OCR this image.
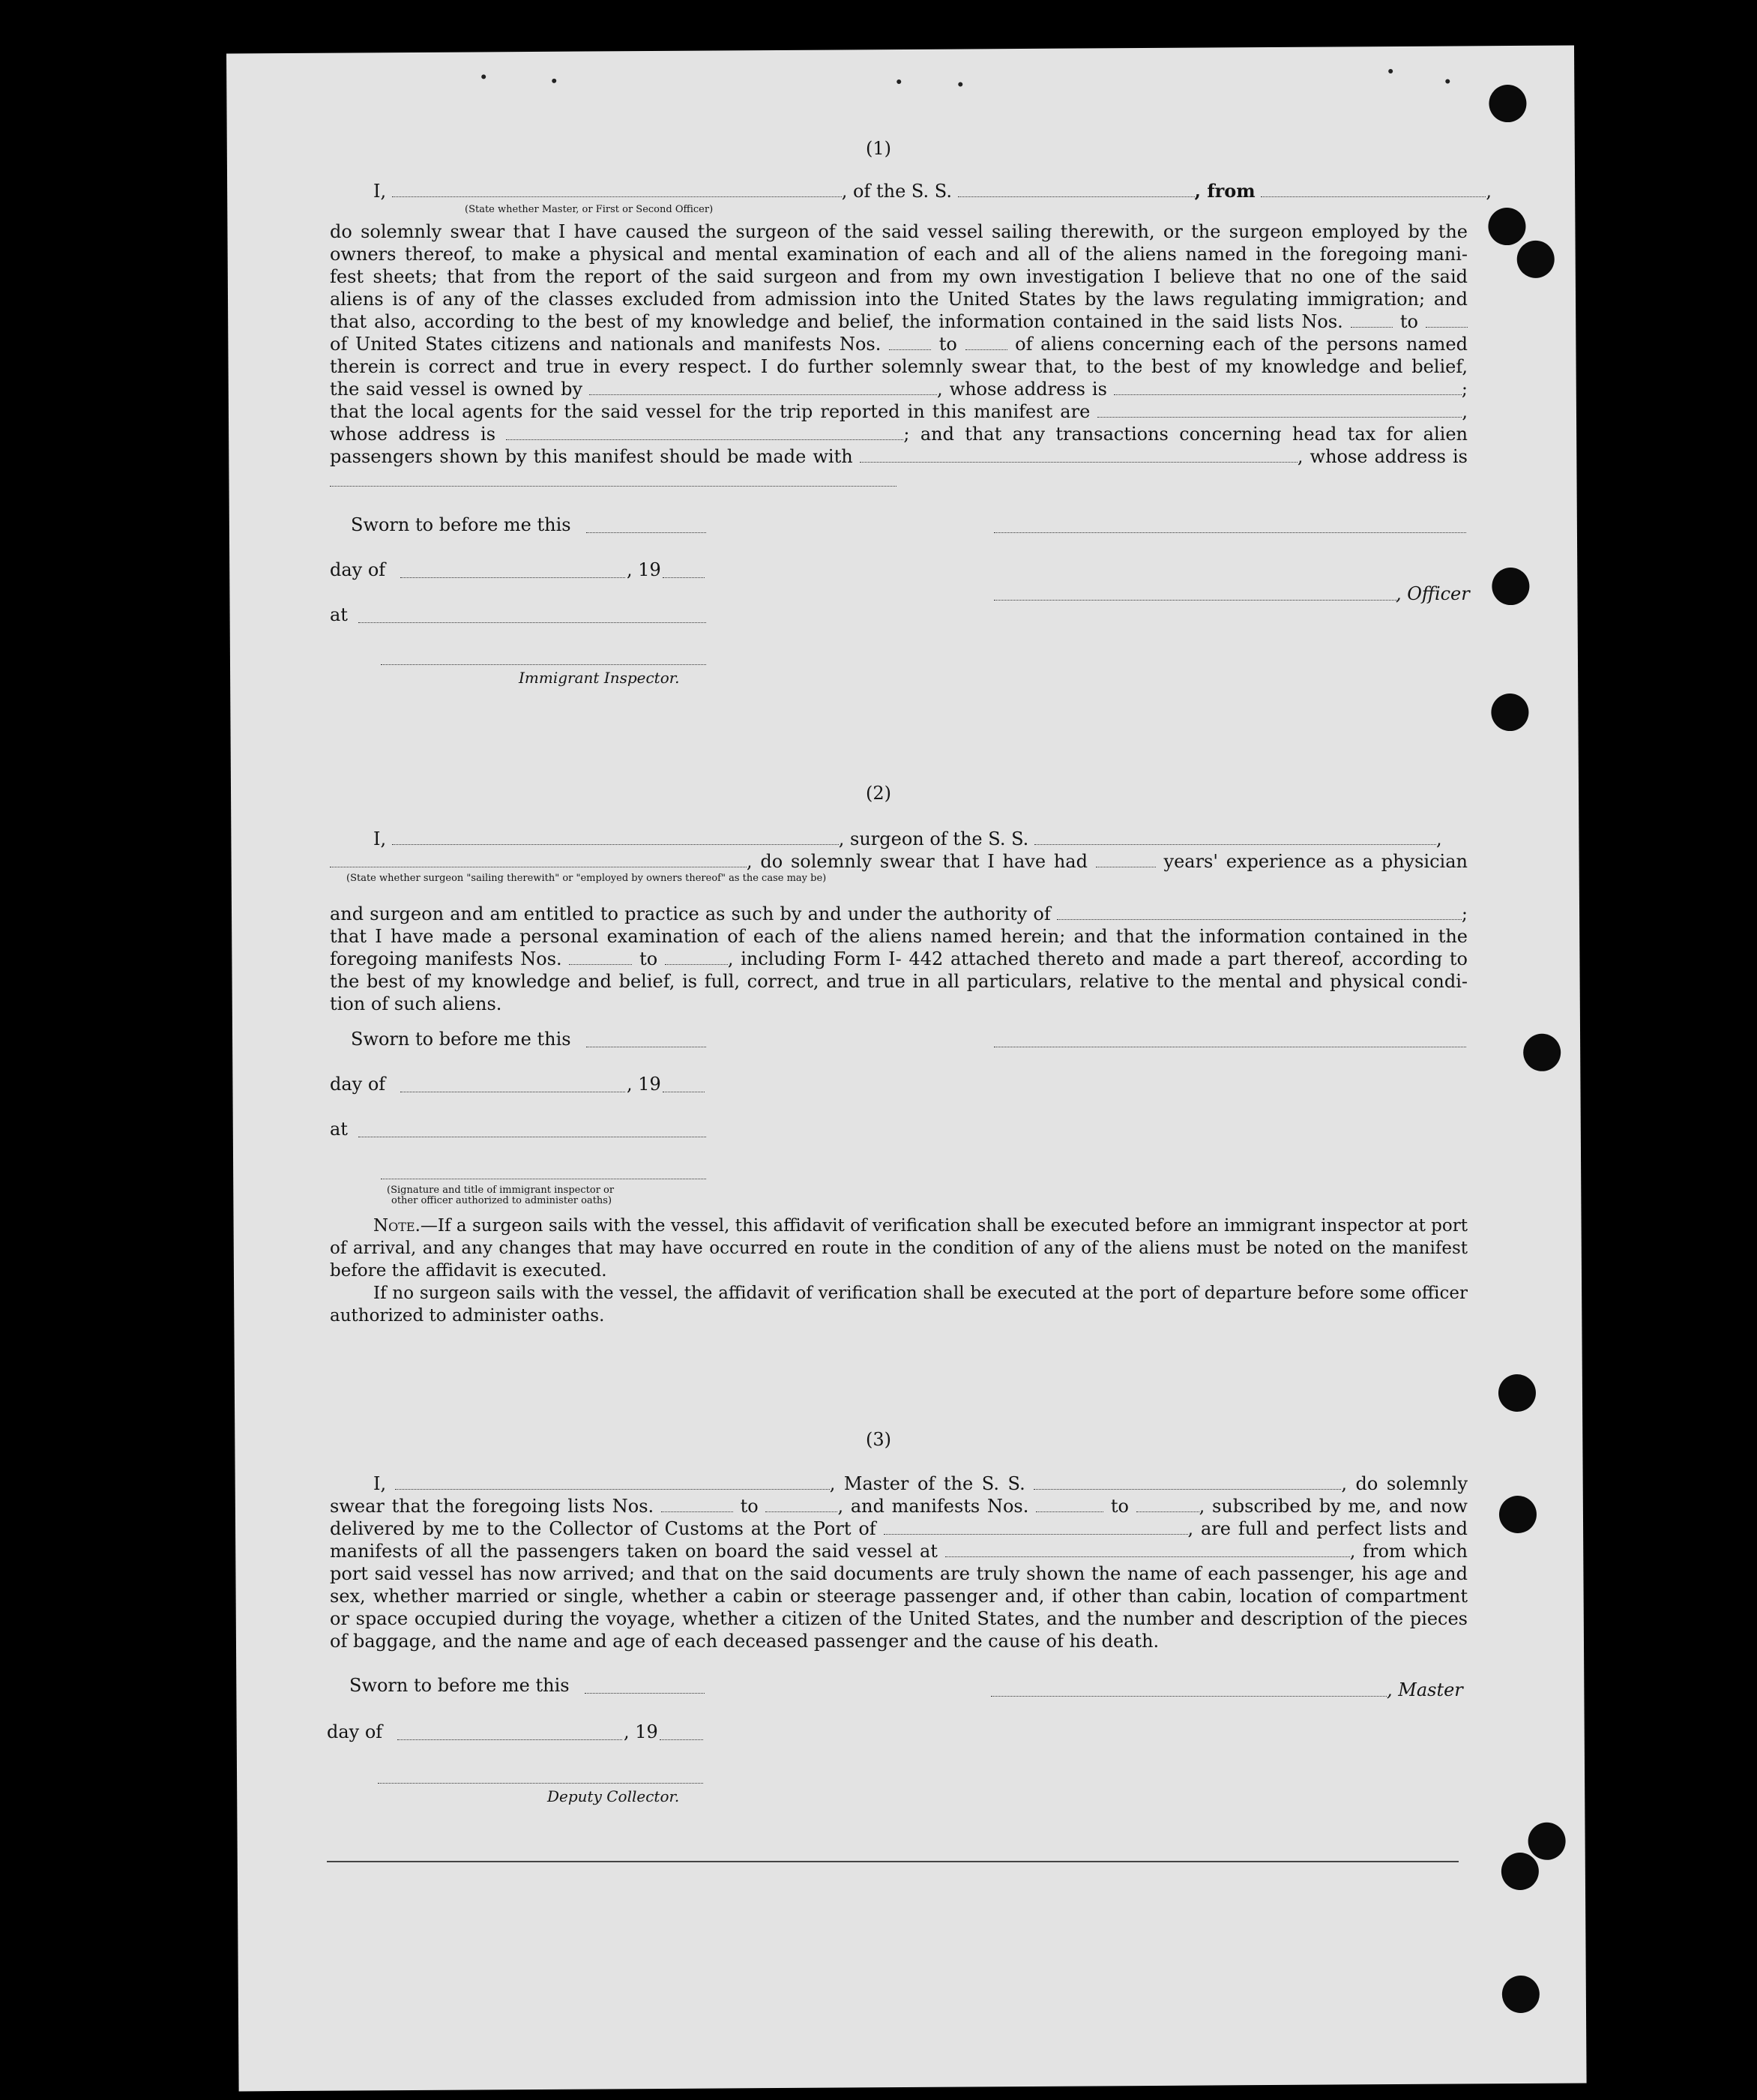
(1)
I,	, of the S. S.	, from	,
(State whether Master, or First or Second Officer)
do solemnly swear that I have caused the surgeon of the said vessel sailing therewith, or the surgeon employed by the
owners thereof, to make a physical and mental examination of each and all of the aliens named in the foregoing mani-
fest sheets; that from the report of the said surgeon and from my own investigation I believe that no one of the said
aliens is of any of the classes excluded from admission into the United States by the laws regulating immigration; and
that also, according to the best of my knowledge and belief, the information contained in the said lists Nos.	to
of United States citizens and nationals and manifests Nos.	to	of aliens concerning each of the persons named
therein is correct and true in every respect. I do further solemnly swear that, to the best of my knowledge and belief,
the said vessel is owned by	, whose address is	;
that the local agents for the said vessel for the trip reported in this manifest are	,
whose address is	; and that any transactions concerning head tax for alien
passengers shown by this manifest should be made with	, whose address is
Sworn to before me this
day of	, 19
, Officer
at
Immigrant Inspector.
(2)
I,	, surgeon of the S. S.	,
, do solemnly swear that I have had	years' experience as a physician
(State whether surgeon "sailing therewith" or "employed by owners thereof" as the case may be)
and surgeon and am entitled to practice as such by and under the authority of	;
that I have made a personal examination of each of the aliens named herein; and that the information contained in the
foregoing manifests Nos.	to	, including Form I- 442 attached thereto and made a part thereof, according to
the best of my knowledge and belief, is full, correct, and true in all particulars, relative to the mental and physical condi-
tion of such aliens.
Sworn to before me this
day of	, 19
at
(Signature and title of immigrant inspector or
other officer authorized to administer oaths)
Note.—If a surgeon sails with the vessel, this affidavit of verification shall be executed before an immigrant inspector at port of arrival, and any changes that may have occurred en route in the condition of any of the aliens must be noted on the manifest before the affidavit is executed.
If no surgeon sails with the vessel, the affidavit of verification shall be executed at the port of departure before some officer authorized to administer oaths.
(3)
I,	, Master of the S. S.	, do solemnly
swear that the foregoing lists Nos.	to	, and manifests Nos.	to	, subscribed by me, and now
delivered by me to the Collector of Customs at the Port of	, are full and perfect lists and
manifests of all the passengers taken on board the said vessel at	, from which
port said vessel has now arrived; and that on the said documents are truly shown the name of each passenger, his age and
sex, whether married or single, whether a cabin or steerage passenger and, if other than cabin, location of compartment
or space occupied during the voyage, whether a citizen of the United States, and the number and description of the pieces
of baggage, and the name and age of each deceased passenger and the cause of his death.
Sworn to before me this	, Master
day of	, 19
Deputy Collector.
